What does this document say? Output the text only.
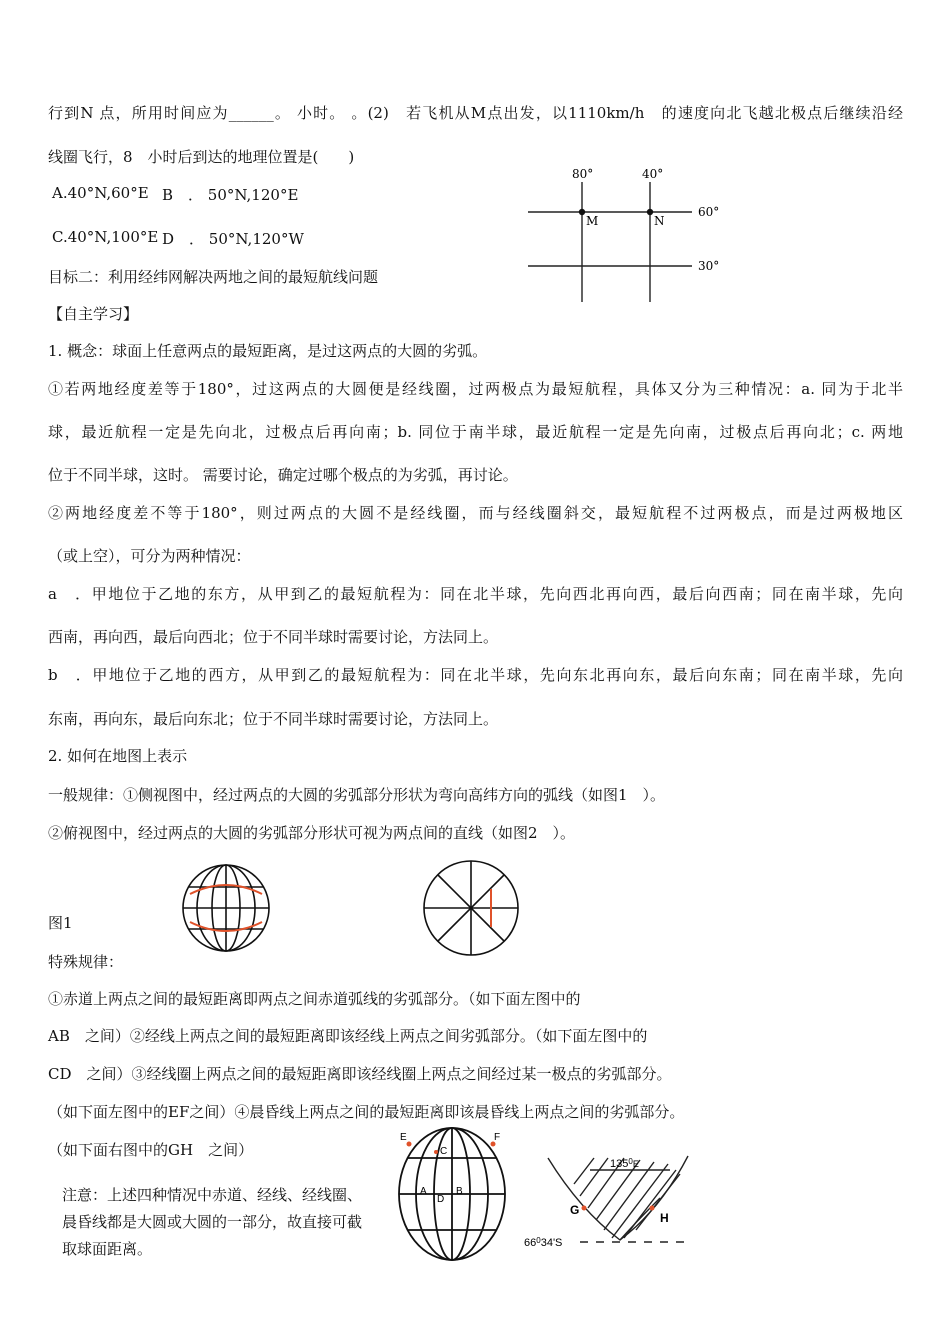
行到N 点，所用时间应为______。 小时。 。(2)　若飞机从M点出发，以1110km/h　的速度向北飞越北极点后继续沿经
线圈飞行，8　小时后到达的地理位置是(　　)
A.40°N,60°E B　． 50°N,120°E
C.40°N,100°E D　． 50°N,120°W
目标二：利用经纬网解决两地之间的最短航线问题
【自主学习】
1. 概念：球面上任意两点的最短距离，是过这两点的大圆的劣弧。
①若两地经度差等于180°，过这两点的大圆便是经线圈，过两极点为最短航程，具体又分为三种情况：a. 同为于北半
球，最近航程一定是先向北，过极点后再向南；b. 同位于南半球，最近航程一定是先向南，过极点后再向北；c. 两地
位于不同半球，这时。 需要讨论，确定过哪个极点的为劣弧，再讨论。
②两地经度差不等于180°，则过两点的大圆不是经线圈，而与经线圈斜交，最短航程不过两极点，而是过两极地区
（或上空），可分为两种情况：
a　．甲地位于乙地的东方，从甲到乙的最短航程为：同在北半球，先向西北再向西，最后向西南；同在南半球，先向
西南，再向西，最后向西北；位于不同半球时需要讨论，方法同上。
b　．甲地位于乙地的西方，从甲到乙的最短航程为：同在北半球，先向东北再向东，最后向东南；同在南半球，先向
东南，再向东，最后向东北；位于不同半球时需要讨论，方法同上。
2. 如何在地图上表示
一般规律：①侧视图中，经过两点的大圆的劣弧部分形状为弯向高纬方向的弧线（如图1　）。
②俯视图中，经过两点的大圆的劣弧部分形状可视为两点间的直线（如图2　）。
图1
特殊规律：
①赤道上两点之间的最短距离即两点之间赤道弧线的劣弧部分。（如下面左图中的
AB　之间）②经线上两点之间的最短距离即该经线上两点之间劣弧部分。（如下面左图中的
CD　之间）③经线圈上两点之间的最短距离即该经线圈上两点之间经过某一极点的劣弧部分。
（如下面左图中的EF之间）④晨昏线上两点之间的最短距离即该晨昏线上两点之间的劣弧部分。
（如下面右图中的GH　之间）
注意：上述四种情况中赤道、经线、经线圈、
晨昏线都是大圆或大圆的一部分，故直接可截
取球面距离。
80°	40°
60°
30°
M	N
E	F
C
A	B
D
$135^0_E$
G
H
$66^034'S$
